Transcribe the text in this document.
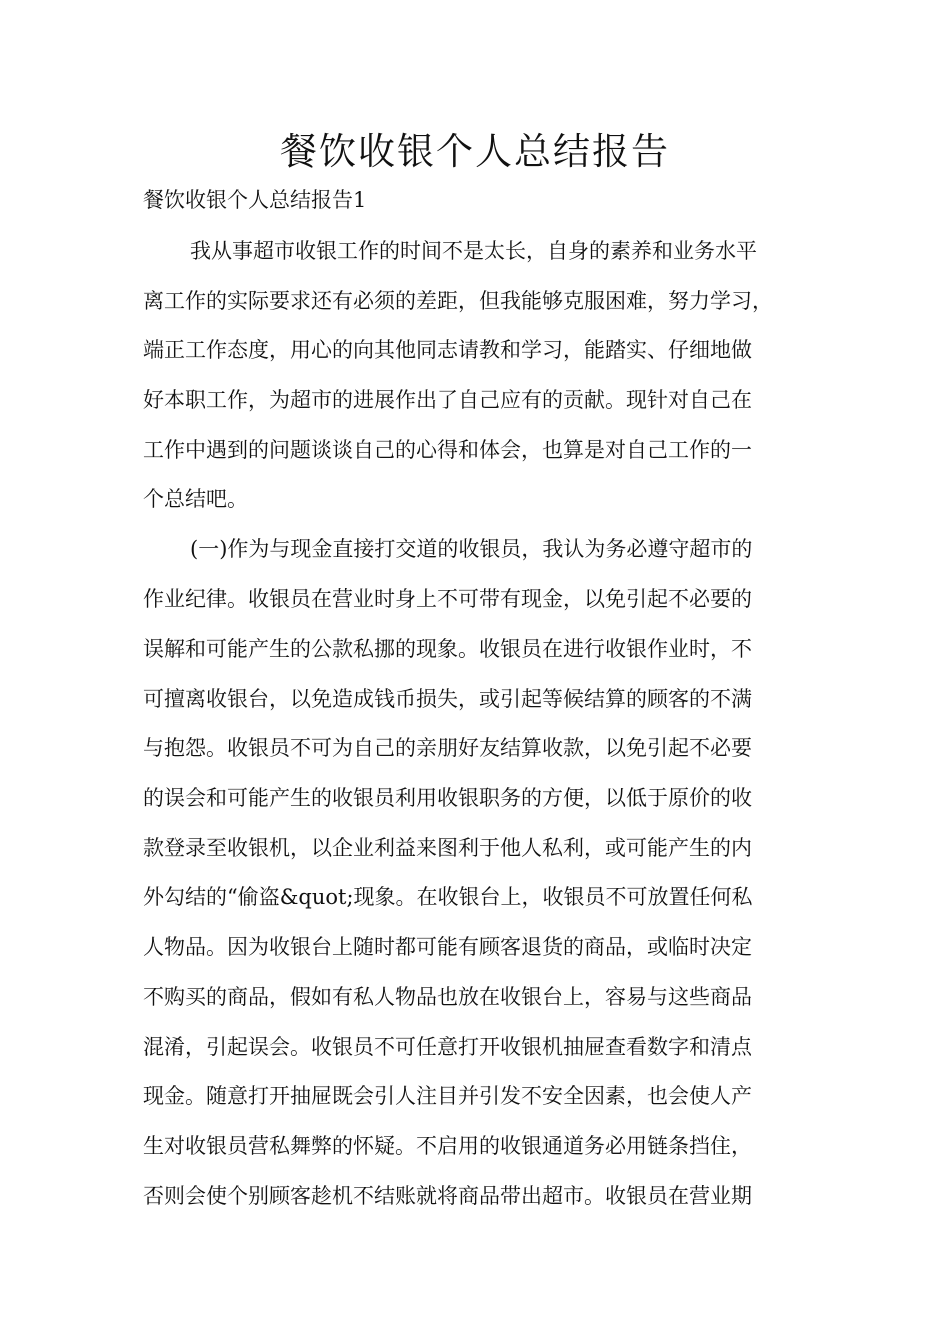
餐饮收银个人总结报告
餐饮收银个人总结报告1
我从事超市收银工作的时间不是太长，自身的素养和业务水平
离工作的实际要求还有必须的差距，但我能够克服困难，努力学习，
端正工作态度，用心的向其他同志请教和学习，能踏实、仔细地做
好本职工作，为超市的进展作出了自己应有的贡献。现针对自己在
工作中遇到的问题谈谈自己的心得和体会，也算是对自己工作的一
个总结吧。
(一)作为与现金直接打交道的收银员，我认为务必遵守超市的
作业纪律。收银员在营业时身上不可带有现金，以免引起不必要的
误解和可能产生的公款私挪的现象。收银员在进行收银作业时，不
可擅离收银台，以免造成钱币损失，或引起等候结算的顾客的不满
与抱怨。收银员不可为自己的亲朋好友结算收款，以免引起不必要
的误会和可能产生的收银员利用收银职务的方便，以低于原价的收
款登录至收银机，以企业利益来图利于他人私利，或可能产生的内
外勾结的“偷盗&quot;现象。在收银台上，收银员不可放置任何私
人物品。因为收银台上随时都可能有顾客退货的商品，或临时决定
不购买的商品，假如有私人物品也放在收银台上，容易与这些商品
混淆，引起误会。收银员不可任意打开收银机抽屉查看数字和清点
现金。随意打开抽屉既会引人注目并引发不安全因素，也会使人产
生对收银员营私舞弊的怀疑。不启用的收银通道务必用链条挡住，
否则会使个别顾客趁机不结账就将商品带出超市。收银员在营业期
